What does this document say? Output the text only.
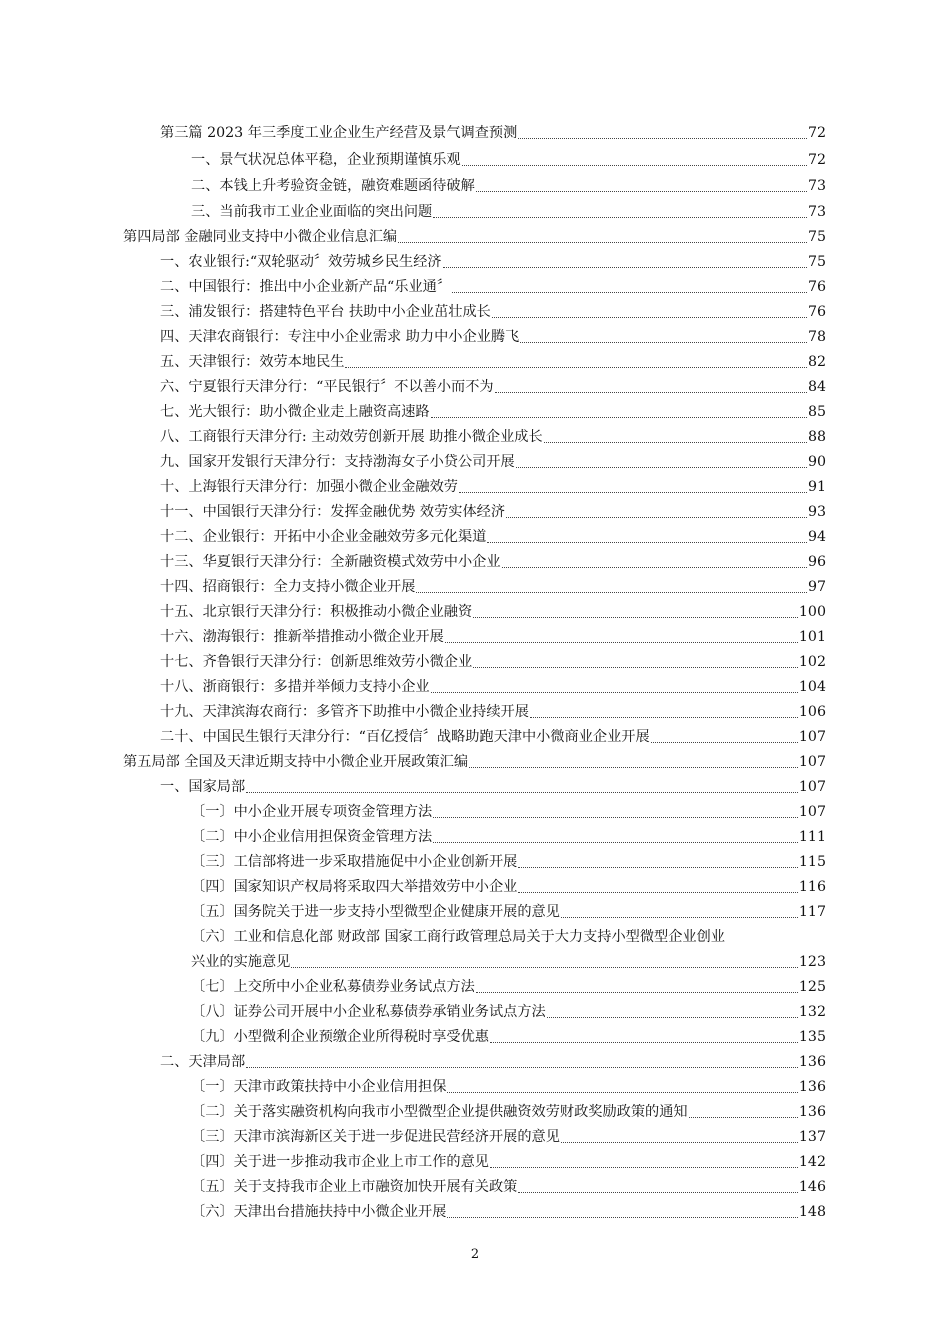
第三篇 2023 年三季度工业企业生产经营及景气调查预测	72
一、景气状况总体平稳，企业预期谨慎乐观	72
二、本钱上升考验资金链，融资难题函待破解	73
三、当前我市工业企业面临的突出问题	73
第四局部 金融同业支持中小微企业信息汇编	75
一、农业银行:“双轮驱动〞效劳城乡民生经济	75
二、中国银行：推出中小企业新产品“乐业通〞	76
三、浦发银行：搭建特色平台 扶助中小企业茁壮成长	76
四、天津农商银行：专注中小企业需求 助力中小企业腾飞	78
五、天津银行：效劳本地民生	82
六、宁夏银行天津分行：“平民银行〞不以善小而不为	84
七、光大银行：助小微企业走上融资高速路	85
八、工商银行天津分行: 主动效劳创新开展 助推小微企业成长	88
九、国家开发银行天津分行：支持渤海女子小贷公司开展	90
十、上海银行天津分行：加强小微企业金融效劳	91
十一、中国银行天津分行：发挥金融优势 效劳实体经济	93
十二、企业银行：开拓中小企业金融效劳多元化渠道	94
十三、华夏银行天津分行：全新融资模式效劳中小企业	96
十四、招商银行：全力支持小微企业开展	97
十五、北京银行天津分行：积极推动小微企业融资	100
十六、渤海银行：推新举措推动小微企业开展	101
十七、齐鲁银行天津分行：创新思维效劳小微企业	102
十八、浙商银行：多措并举倾力支持小企业	104
十九、天津滨海农商行：多管齐下助推中小微企业持续开展	106
二十、中国民生银行天津分行：“百亿授信〞战略助跑天津中小微商业企业开展	107
第五局部 全国及天津近期支持中小微企业开展政策汇编	107
一、国家局部	107
〔一〕中小企业开展专项资金管理方法	107
〔二〕中小企业信用担保资金管理方法	111
〔三〕工信部将进一步采取措施促中小企业创新开展	115
〔四〕国家知识产权局将采取四大举措效劳中小企业	116
〔五〕国务院关于进一步支持小型微型企业健康开展的意见	117
〔六〕工业和信息化部 财政部 国家工商行政管理总局关于大力支持小型微型企业创业
兴业的实施意见	123
〔七〕上交所中小企业私募债券业务试点方法	125
〔八〕证券公司开展中小企业私募债券承销业务试点方法	132
〔九〕小型微利企业预缴企业所得税时享受优惠	135
二、天津局部	136
〔一〕天津市政策扶持中小企业信用担保	136
〔二〕关于落实融资机构向我市小型微型企业提供融资效劳财政奖励政策的通知	136
〔三〕天津市滨海新区关于进一步促进民营经济开展的意见	137
〔四〕关于进一步推动我市企业上市工作的意见	142
〔五〕关于支持我市企业上市融资加快开展有关政策	146
〔六〕天津出台措施扶持中小微企业开展	148
2
